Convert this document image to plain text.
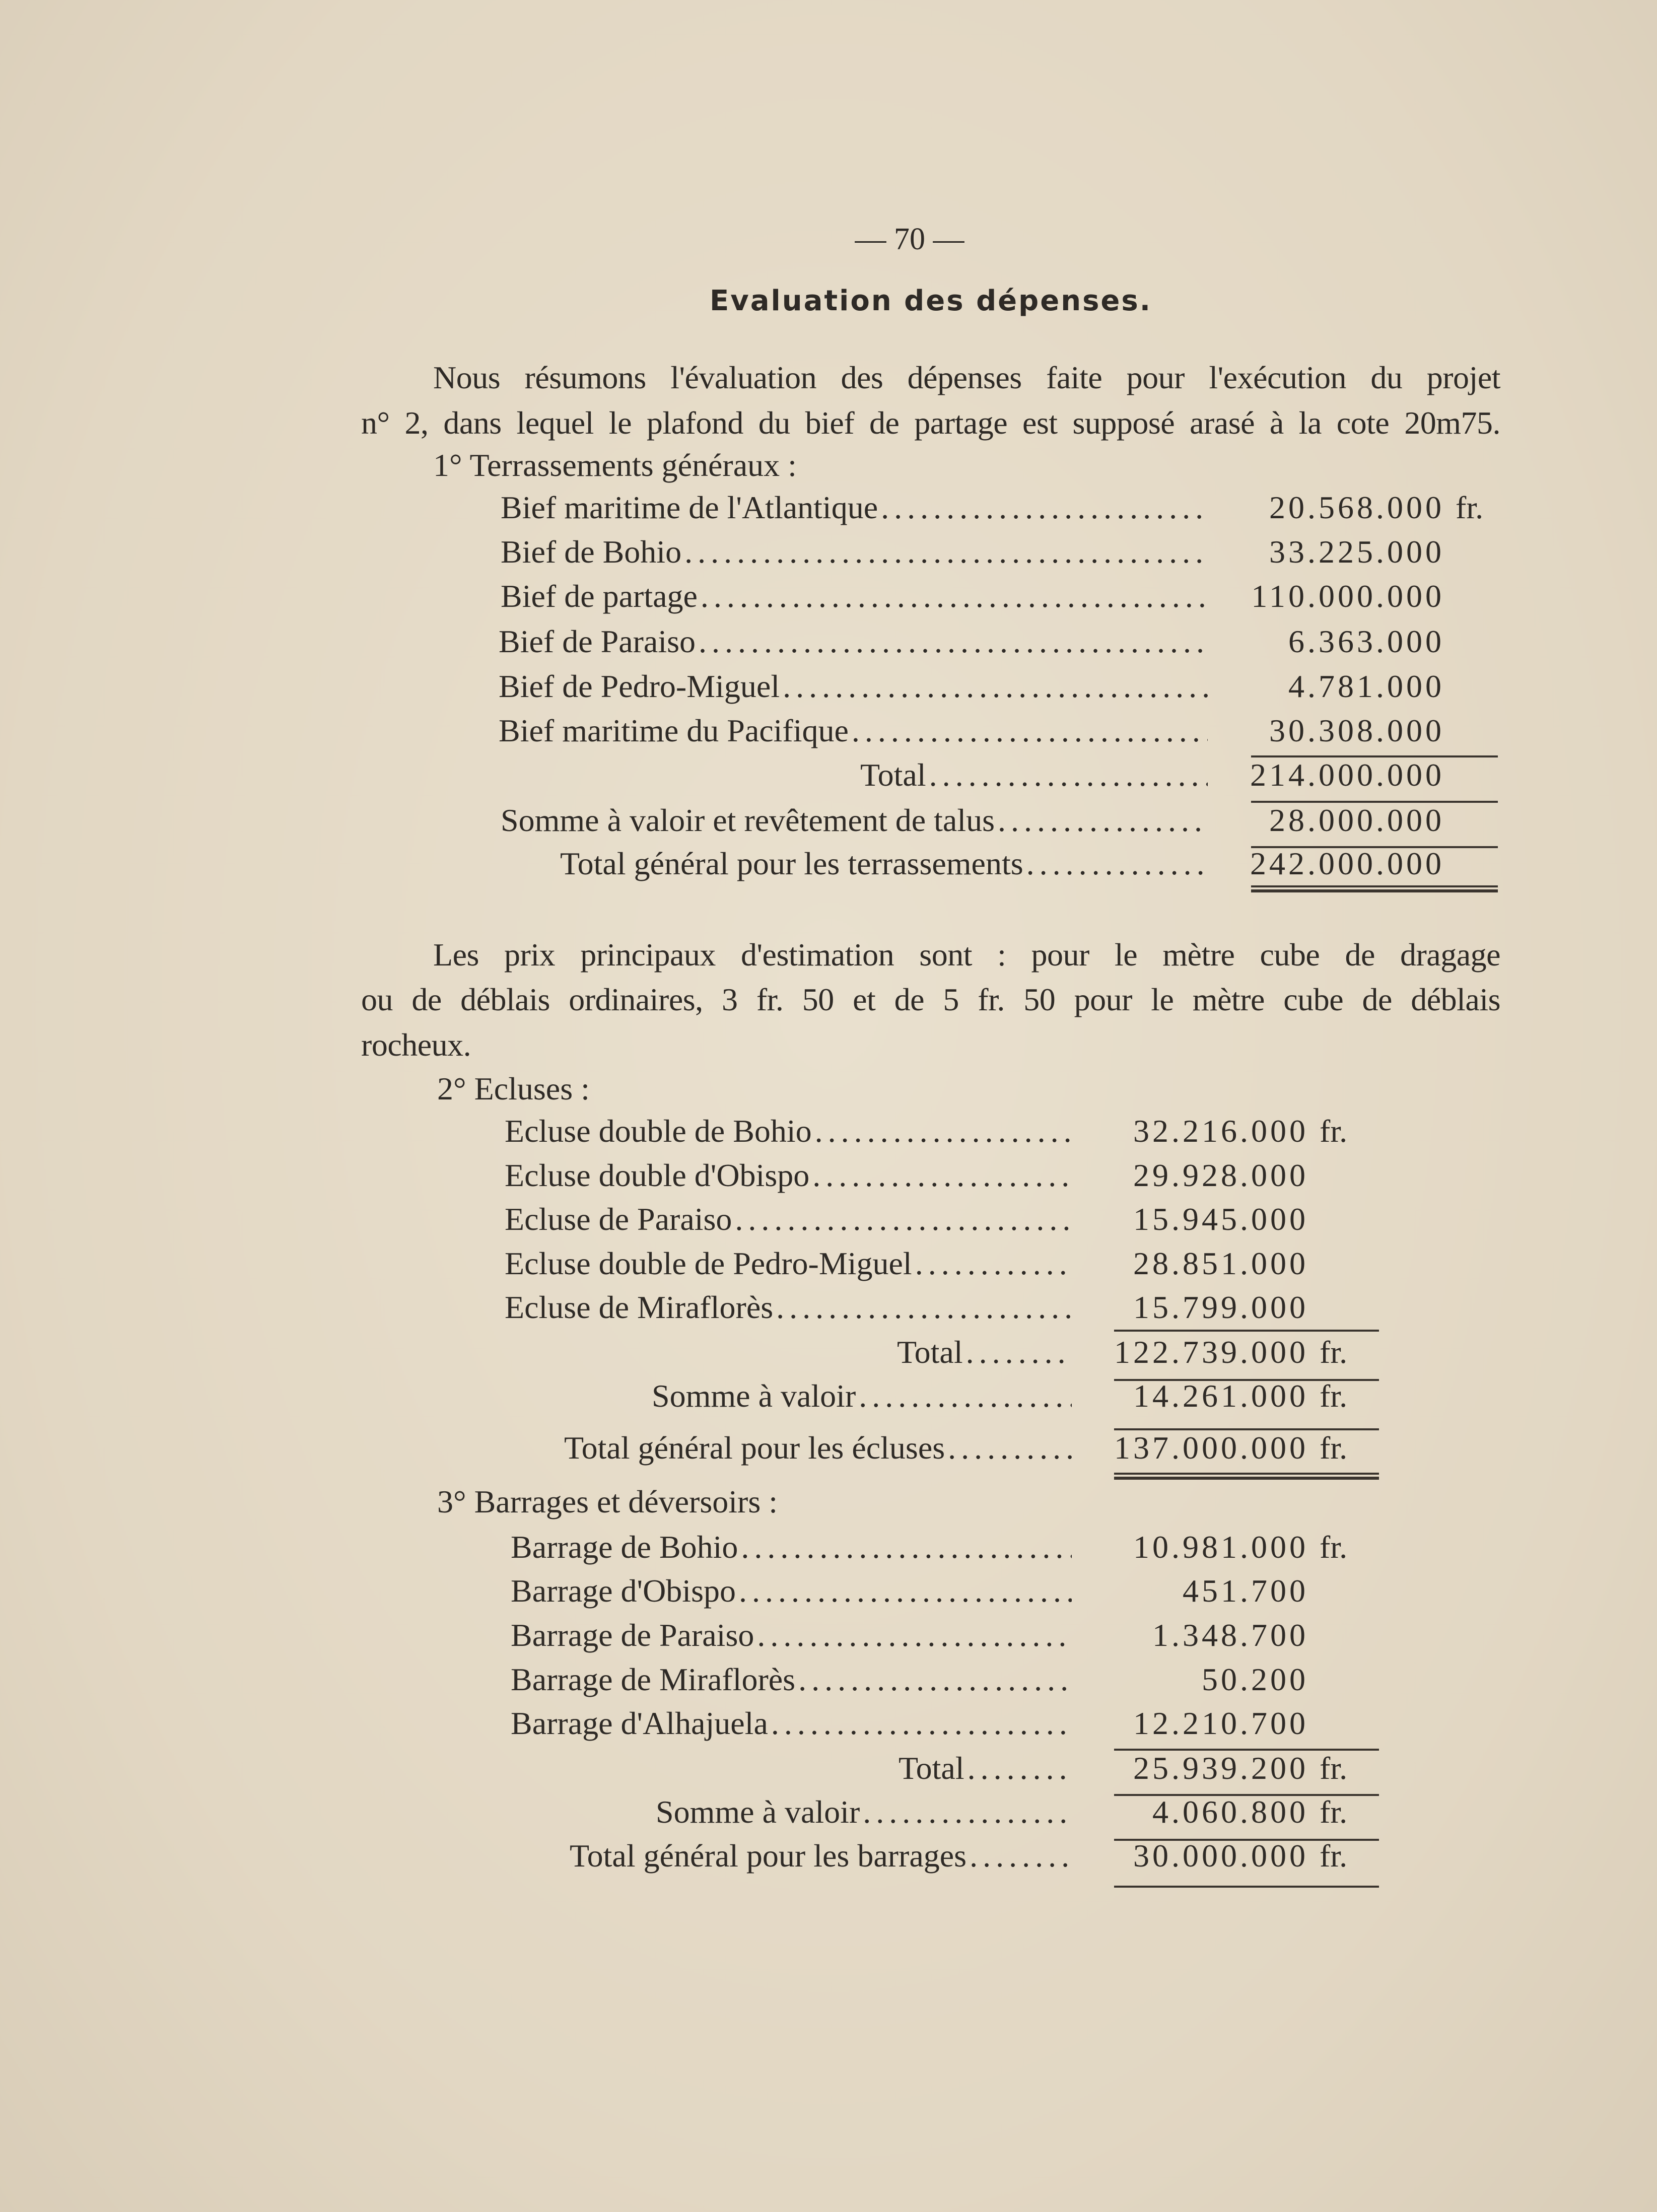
— 70 —
Evaluation des dépenses.
Nous résumons l'évaluation des dépenses faite pour l'exécution du projet
n° 2, dans lequel le plafond du bief de partage est supposé arasé à la cote 20m75.
1° Terrassements généraux :
Bief maritime de l'Atlantique .....	20.568.000 fr.
Bief de Bohio .....	33.225.000
Bief de partage .....	110.000.000
Bief de Paraiso .....	6.363.000
Bief de Pedro-Miguel .....	4.781.000
Bief maritime du Pacifique .....	30.308.000
Total .....	214.000.000
Somme à valoir et revêtement de talus .....	28.000.000
Total général pour les terrassements .....	242.000.000
Les prix principaux d'estimation sont : pour le mètre cube de dragage
ou de déblais ordinaires, 3 fr. 50 et de 5 fr. 50 pour le mètre cube de déblais
rocheux.
2° Ecluses :
Ecluse double de Bohio .....	32.216.000 fr.
Ecluse double d'Obispo .....	29.928.000
Ecluse de Paraiso .....	15.945.000
Ecluse double de Pedro-Miguel .....	28.851.000
Ecluse de Miraflorès .....	15.799.000
Total .....	122.739.000 fr.
Somme à valoir .....	14.261.000 fr.
Total général pour les écluses .....	137.000.000 fr.
3° Barrages et déversoirs :
Barrage de Bohio .....	10.981.000 fr.
Barrage d'Obispo .....	451.700
Barrage de Paraiso .....	1.348.700
Barrage de Miraflorès .....	50.200
Barrage d'Alhajuela .....	12.210.700
Total .....	25.939.200 fr.
Somme à valoir .....	4.060.800 fr.
Total général pour les barrages .....	30.000.000 fr.
